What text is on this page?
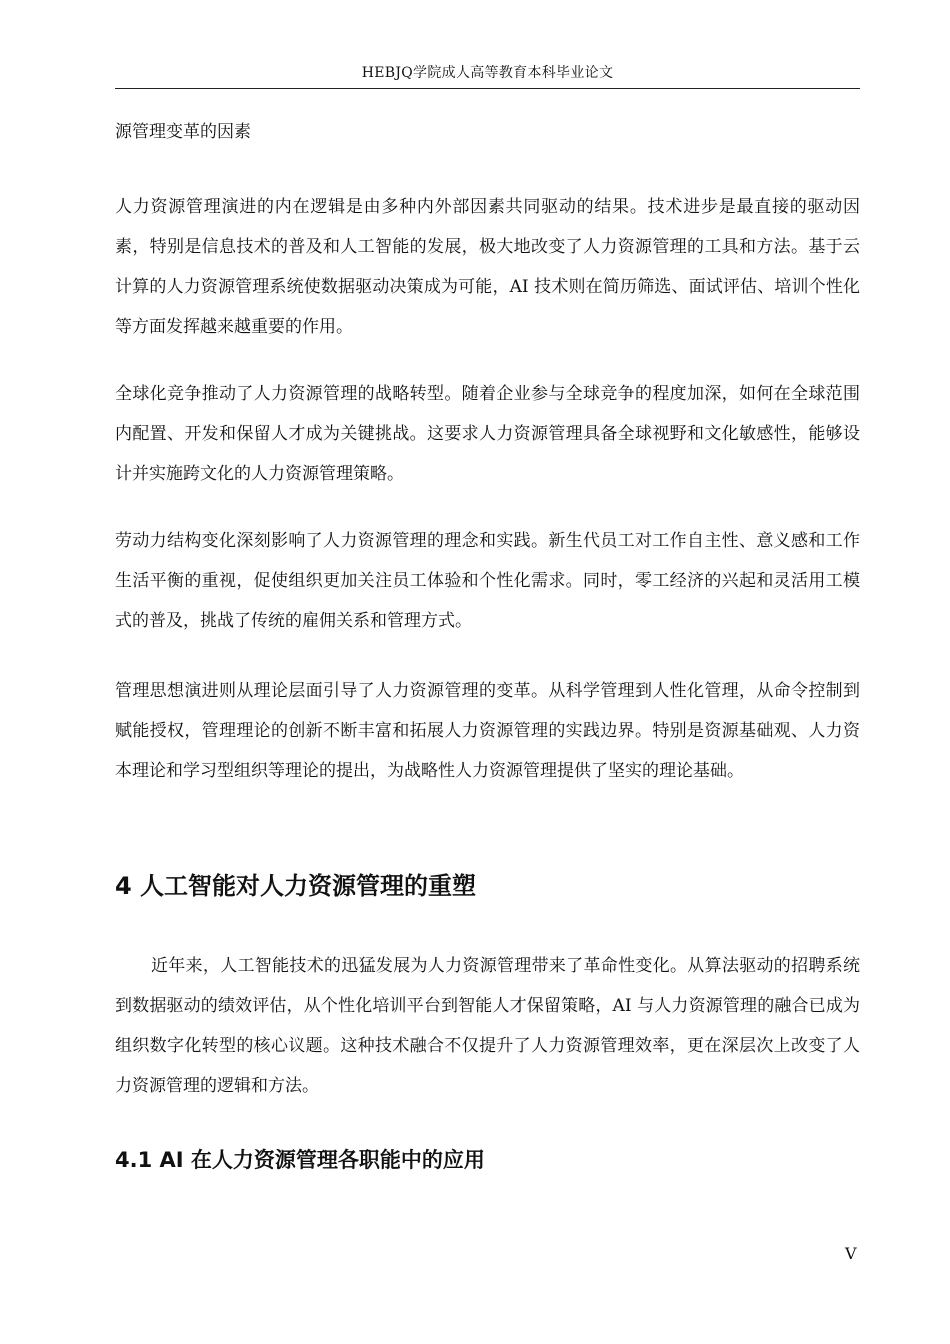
HEBJQ学院成人高等教育本科毕业论文
源管理变革的因素
人力资源管理演进的内在逻辑是由多种内外部因素共同驱动的结果。技术进步是最直接的驱动因素，特别是信息技术的普及和人工智能的发展，极大地改变了人力资源管理的工具和方法。基于云计算的人力资源管理系统使数据驱动决策成为可能，AI 技术则在简历筛选、面试评估、培训个性化等方面发挥越来越重要的作用。
全球化竞争推动了人力资源管理的战略转型。随着企业参与全球竞争的程度加深，如何在全球范围内配置、开发和保留人才成为关键挑战。这要求人力资源管理具备全球视野和文化敏感性，能够设计并实施跨文化的人力资源管理策略。
劳动力结构变化深刻影响了人力资源管理的理念和实践。新生代员工对工作自主性、意义感和工作生活平衡的重视，促使组织更加关注员工体验和个性化需求。同时，零工经济的兴起和灵活用工模式的普及，挑战了传统的雇佣关系和管理方式。
管理思想演进则从理论层面引导了人力资源管理的变革。从科学管理到人性化管理，从命令控制到赋能授权，管理理论的创新不断丰富和拓展人力资源管理的实践边界。特别是资源基础观、人力资本理论和学习型组织等理论的提出，为战略性人力资源管理提供了坚实的理论基础。
4 人工智能对人力资源管理的重塑
近年来，人工智能技术的迅猛发展为人力资源管理带来了革命性变化。从算法驱动的招聘系统到数据驱动的绩效评估，从个性化培训平台到智能人才保留策略，AI 与人力资源管理的融合已成为组织数字化转型的核心议题。这种技术融合不仅提升了人力资源管理效率，更在深层次上改变了人力资源管理的逻辑和方法。
4.1 AI 在人力资源管理各职能中的应用
V
